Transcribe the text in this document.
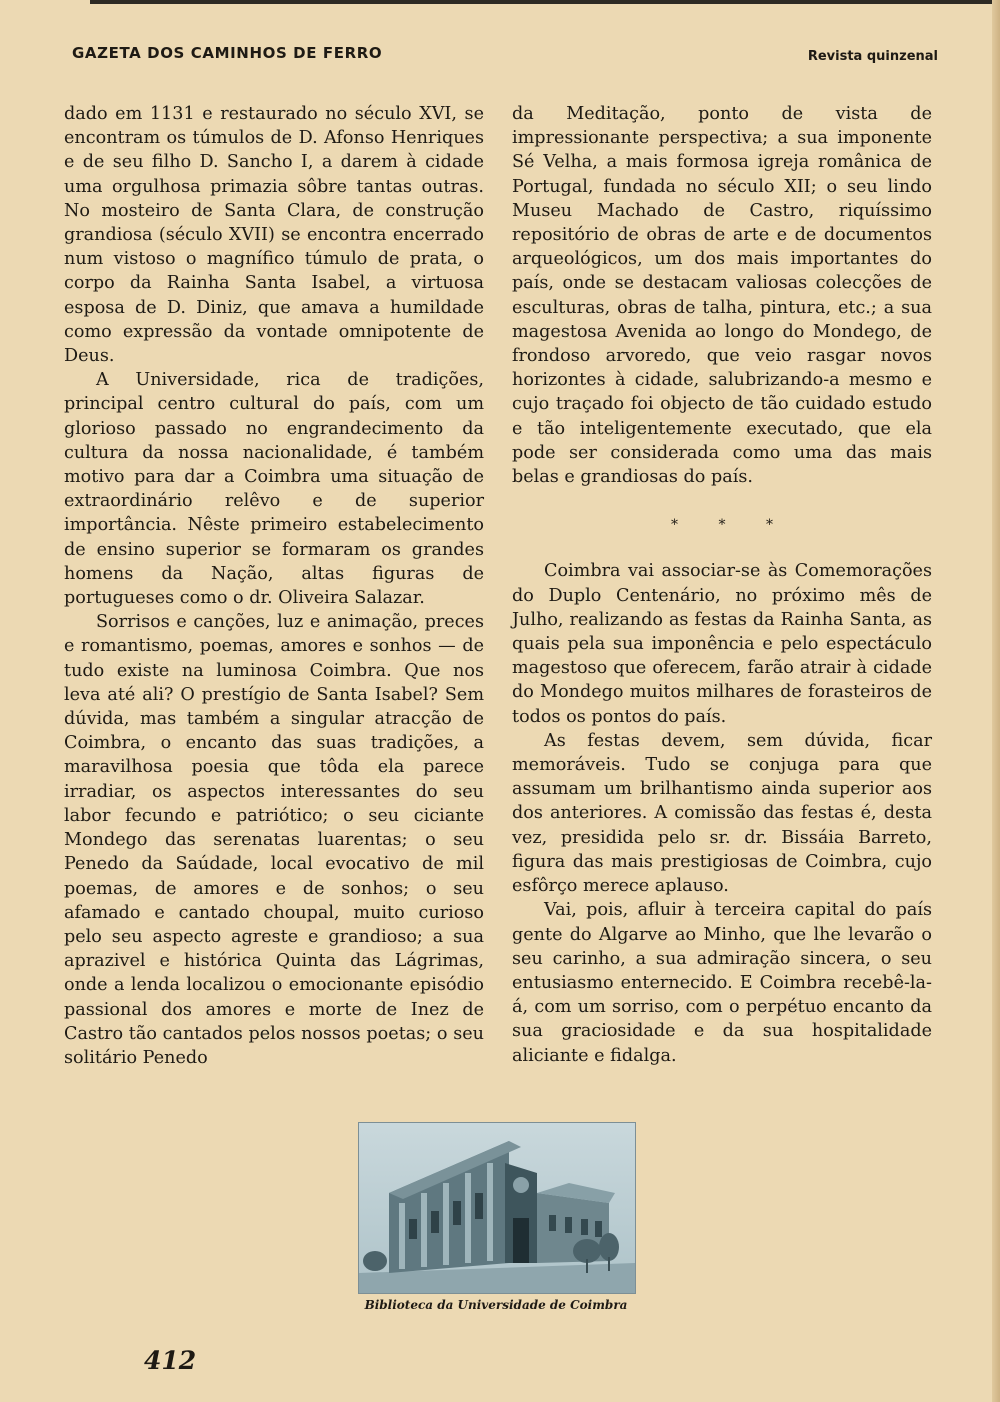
GAZETA DOS CAMINHOS DE FERRO	Revista quinzenal

dado em 1131 e restaurado no século XVI, se encontram os túmulos de D. Afonso Henriques e de seu filho D. Sancho I, a darem à cidade uma orgulhosa primazia sôbre tantas outras. No mosteiro de Santa Clara, de construção grandiosa (século XVII) se encontra encerrado num vistoso o magnífico túmulo de prata, o corpo da Rainha Santa Isabel, a virtuosa esposa de D. Diniz, que amava a humildade como expressão da vontade omnipotente de Deus.

A Universidade, rica de tradições, principal centro cultural do país, com um glorioso passado no engrandecimento da cultura da nossa nacionalidade, é também motivo para dar a Coimbra uma situação de extraordinário relêvo e de superior importância. Nêste primeiro estabelecimento de ensino superior se formaram os grandes homens da Nação, altas figuras de portugueses como o dr. Oliveira Salazar.

Sorrisos e canções, luz e animação, preces e romantismo, poemas, amores e sonhos — de tudo existe na luminosa Coimbra. Que nos leva até ali? O prestígio de Santa Isabel? Sem dúvida, mas também a singular atracção de Coimbra, o encanto das suas tradições, a maravilhosa poesia que tôda ela parece irradiar, os aspectos interessantes do seu labor fecundo e patriótico; o seu ciciante Mondego das serenatas luarentas; o seu Penedo da Saúdade, local evocativo de mil poemas, de amores e de sonhos; o seu afamado e cantado choupal, muito curioso pelo seu aspecto agreste e grandioso; a sua aprazivel e histórica Quinta das Lágrimas, onde a lenda localizou o emocionante episódio passional dos amores e morte de Inez de Castro tão cantados pelos nossos poetas; o seu solitário Penedo

da Meditação, ponto de vista de impressionante perspectiva; a sua imponente Sé Velha, a mais formosa igreja românica de Portugal, fundada no século XII; o seu lindo Museu Machado de Castro, riquíssimo repositório de obras de arte e de documentos arqueológicos, um dos mais importantes do país, onde se destacam valiosas colecções de esculturas, obras de talha, pintura, etc.; a sua magestosa Avenida ao longo do Mondego, de frondoso arvoredo, que veio rasgar novos horizontes à cidade, salubrizando-a mesmo e cujo traçado foi objecto de tão cuidado estudo e tão inteligentemente executado, que ela pode ser considerada como uma das mais belas e grandiosas do país.

* * *

Coimbra vai associar-se às Comemorações do Duplo Centenário, no próximo mês de Julho, realizando as festas da Rainha Santa, as quais pela sua imponência e pelo espectáculo magestoso que oferecem, farão atrair à cidade do Mondego muitos milhares de forasteiros de todos os pontos do país.

As festas devem, sem dúvida, ficar memoráveis. Tudo se conjuga para que assumam um brilhantismo ainda superior aos dos anteriores. A comissão das festas é, desta vez, presidida pelo sr. dr. Bissáia Barreto, figura das mais prestigiosas de Coimbra, cujo esfôrço merece aplauso.

Vai, pois, afluir à terceira capital do país gente do Algarve ao Minho, que lhe levarão o seu carinho, a sua admiração sincera, o seu entusiasmo enternecido. E Coimbra recebê-la-á, com um sorriso, com o perpétuo encanto da sua graciosidade e da sua hospitalidade aliciante e fidalga.

Biblioteca da Universidade de Coimbra
412
